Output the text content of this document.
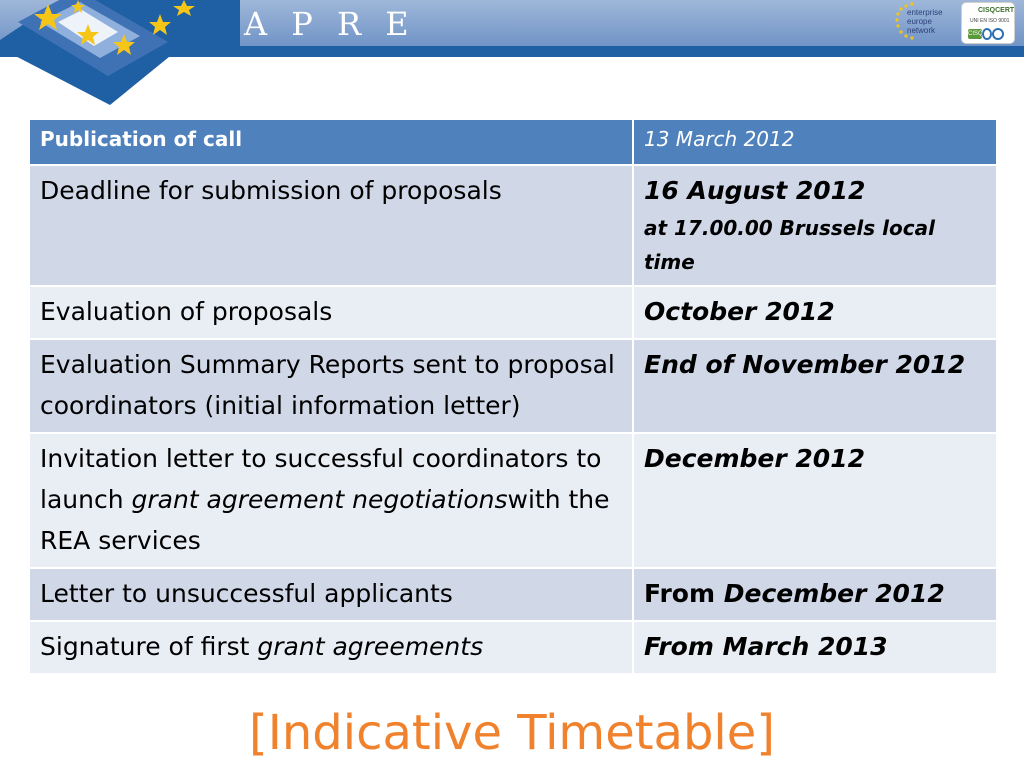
A P R E	enterprise europe network
CISQCERT
UNI EN ISO 9001
CISQ
Publication of call	13 March 2012
Deadline for submission of proposals	16 August 2012
at 17.00.00 Brussels local time

Evaluation of proposals	October 2012
Evaluation Summary Reports sent to proposal coordinators (initial information letter)	End of November 2012
Invitation letter to successful coordinators to launch grant agreement negotiationswith the REA services	December 2012
Letter to unsuccessful applicants	From December 2012
Signature of first grant agreements	From March 2013
[Indicative Timetable]
